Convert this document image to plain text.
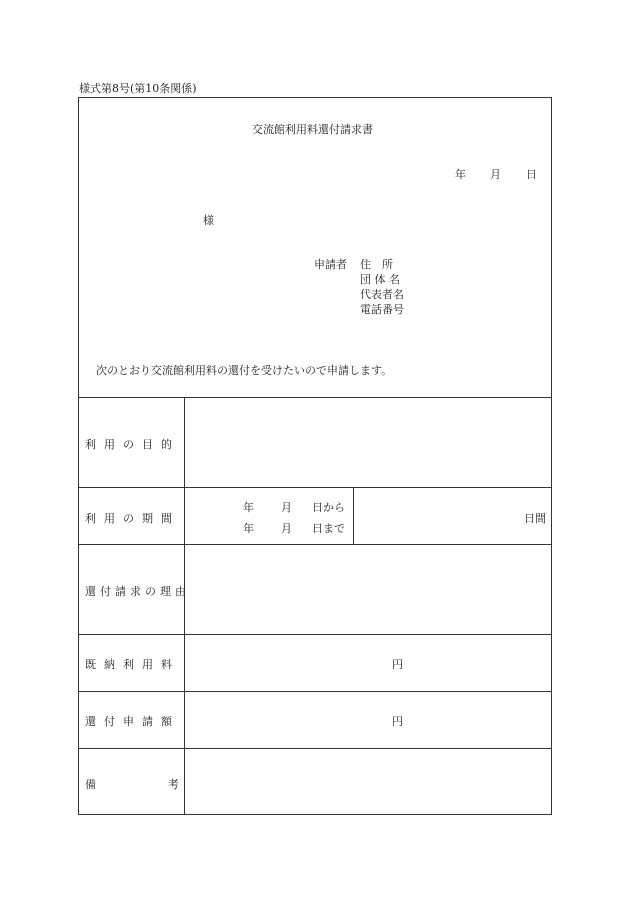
様式第8号(第10条関係)
交流館利用料還付請求書
年 月 日
様
申請者 住　所
団 体 名
代表者名
電話番号
次のとおり交流館利用料の還付を受けたいので申請します。
利用の目的
利用の期間
還付請求の理由
既納利用料
還付申請額
備	考
年 月 日から
年 月 日まで
日間
円
円
